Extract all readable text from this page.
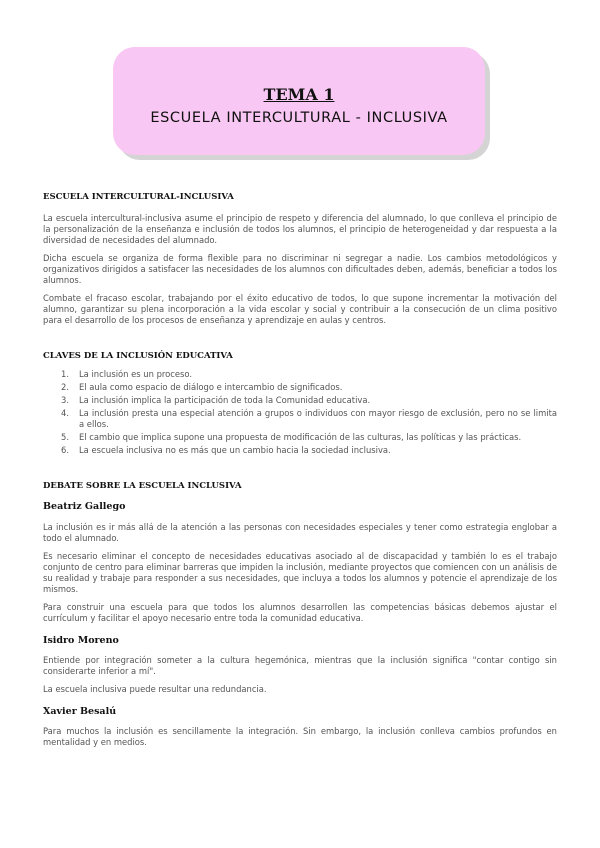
TEMA 1
ESCUELA INTERCULTURAL - INCLUSIVA
ESCUELA INTERCULTURAL-INCLUSIVA

La escuela intercultural-inclusiva asume el principio de respeto y diferencia del alumnado, lo que conlleva el principio de la personalización de la enseñanza e inclusión de todos los alumnos, el principio de heterogeneidad y dar respuesta a la diversidad de necesidades del alumnado.

Dicha escuela se organiza de forma flexible para no discriminar ni segregar a nadie. Los cambios metodológicos y organizativos dirigidos a satisfacer las necesidades de los alumnos con dificultades deben, además, beneficiar a todos los alumnos.

Combate el fracaso escolar, trabajando por el éxito educativo de todos, lo que supone incrementar la motivación del alumno, garantizar su plena incorporación a la vida escolar y social y contribuir a la consecución de un clima positivo para el desarrollo de los procesos de enseñanza y aprendizaje en aulas y centros.

CLAVES DE LA INCLUSIÓN EDUCATIVA
1. La inclusión es un proceso.
2. El aula como espacio de diálogo e intercambio de significados.
3. La inclusión implica la participación de toda la Comunidad educativa.
4. La inclusión presta una especial atención a grupos o individuos con mayor riesgo de exclusión, pero no se limita a ellos.
5. El cambio que implica supone una propuesta de modificación de las culturas, las políticas y las prácticas.
6. La escuela inclusiva no es más que un cambio hacia la sociedad inclusiva.
DEBATE SOBRE LA ESCUELA INCLUSIVA
Beatriz Gallego

La inclusión es ir más allá de la atención a las personas con necesidades especiales y tener como estrategia englobar a todo el alumnado.

Es necesario eliminar el concepto de necesidades educativas asociado al de discapacidad y también lo es el trabajo conjunto de centro para eliminar barreras que impiden la inclusión, mediante proyectos que comiencen con un análisis de su realidad y trabaje para responder a sus necesidades, que incluya a todos los alumnos y potencie el aprendizaje de los mismos.

Para construir una escuela para que todos los alumnos desarrollen las competencias básicas debemos ajustar el currículum y facilitar el apoyo necesario entre toda la comunidad educativa.

Isidro Moreno

Entiende por integración someter a la cultura hegemónica, mientras que la inclusión significa "contar contigo sin considerarte inferior a mí".

La escuela inclusiva puede resultar una redundancia.

Xavier Besalú

Para muchos la inclusión es sencillamente la integración. Sin embargo, la inclusión conlleva cambios profundos en mentalidad y en medios.
